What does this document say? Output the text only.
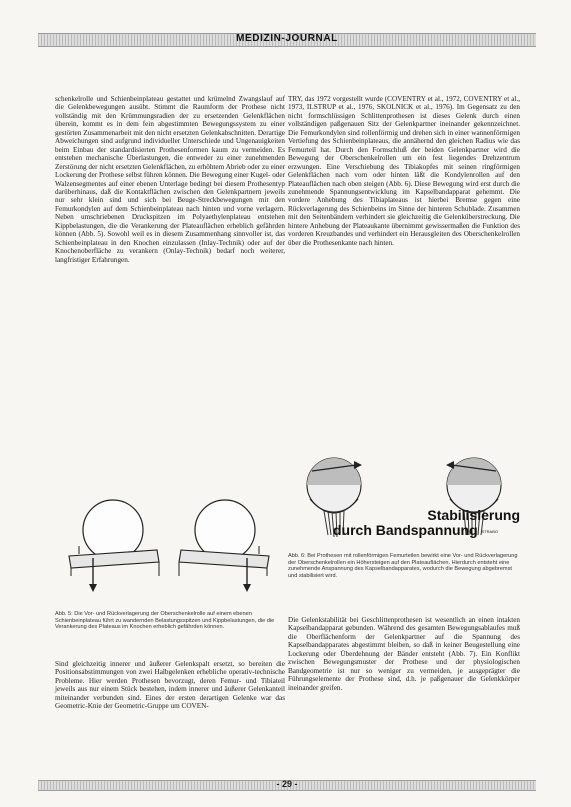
MEDIZIN-JOURNAL

schenkelrolle und Schienbeinplateau gestattet und krümelnd Zwangslauf auf die Gelenkbewegungen ausübt. Stimmt die Raumform der Prothese nicht vollständig mit den Krümmungsradien der zu ersetzenden Gelenkflächen überein, kommt es in dem fein abgestimmten Bewegungssystem zu einer gestörten Zusammenarbeit mit den nicht ersetzten Gelenkabschnitten. Derartige Abweichungen sind aufgrund individueller Unterschiede und Ungenauigkeiten beim Einbau der standardisierten Prothesenformen kaum zu vermeiden. Es entstehen mechanische Überlastungen, die entweder zu einer zunehmenden Zerstörung der nicht ersetzten Gelenkflächen, zu erhöhtem Abrieb oder zu einer Lockerung der Prothese selbst führen können. Die Bewegung einer Kugel- oder Walzensegmentes auf einer ebenen Unterlage bedingt bei diesem Prothesentyp darüberhinaus, daß die Kontaktflächen zwischen den Gelenkpartnern jeweils nur sehr klein sind und sich bei Beuge-Streckbewegungen mit den Femurkondylen auf dem Schienbeinplateau nach hinten und vorne verlagern. Neben umschriebenen Druckspitzen im Polyaethylenplateau entstehen Kippbelastungen, die die Verankerung der Plateauflächen erheblich gefährden können (Abb. 5). Sowohl weil es in diesem Zusammenhang sinnvoller ist, das Schienbeinplateau in den Knochen einzulassen (Inlay-Technik) oder auf der Knochenoberfläche zu verankern (Onlay-Technik) bedarf noch weiterer, langfristiger Erfahrungen.

Abb. 5: Die Vor- und Rückverlagerung der Oberschenkelrolle auf einem ebenen Schienbeinplateau führt zu wandernden Belastungsspitzen und Kippbelastungen, die die Verankerung des Plateaus im Knochen erheblich gefährden können.

Sind gleichzeitig innerer und äußerer Gelenkspalt ersetzt, so bereiten die Positionsabstimmungen von zwei Halbgelenken erhebliche operativ-technische Probleme. Hier werden Prothesen bevorzugt, deren Femur- und Tibiateil jeweils aus nur einem Stück bestehen, indem innerer und äußerer Gelenkanteil miteinander verbunden sind. Eines der ersten derartigen Gelenke war das Geometric-Knie der Geometric-Gruppe um COVEN-

TRY, das 1972 vorgestellt wurde (COVENTRY et al., 1972, COVENTRY et al., 1973, ILSTRUP et al., 1976, SKOLNICK et al., 1976). Im Gegensatz zu den nicht formschlüssigen Schlittenprothesen ist dieses Gelenk durch einen vollständigen paßgenauen Sitz der Gelenkpartner ineinander gekennzeichnet. Die Femurkondylen sind rollenförmig und drehen sich in einer wannenförmigen Vertiefung des Schienbeinplateaus, die annähernd den gleichen Radius wie das Femurteil hat. Durch den Formschluß der beiden Gelenkpartner wird die Bewegung der Oberschenkelrollen um ein fest liegendes Drehzentrum erzwungen. Eine Verschiebung des Tibiakopfes mit seinen ringförmigen Gelenkflächen nach vorn oder hinten läßt die Kondylenrollen auf den Plateauflächen nach oben steigen (Abb. 6). Diese Bewegung wird erst durch die zunehmende Spannungsentwicklung im Kapselbandapparat gehemmt. Die vordere Anhebung des Tibiaplateaus ist hierbei Bremse gegen eine Rückverlagerung des Schienbeins im Sinne der hinteren Schublade. Zusammen mit den Seitenbändern verhindert sie gleichzeitig die Gelenküberstreckung. Die hintere Anhebung der Plateaukante übernimmt gewissermaßen die Funktion des vorderen Kreuzbandes und verhindert ein Herausgleiten des Oberschenkelrollen über die Prothesenkante nach hinten.

Stabilisierung
durch Bandspannung STRABO
Abb. 6: Bei Prothesen mit rollenförmigen Femurteilen bewirkt eine Vor- und Rückverlagerung der Oberschenkelrollen ein Höhersteigen auf den Plateauflächen. Hierdurch entsteht eine zunehmende Anspannung des Kapselbandapparates, wodurch die Bewegung abgebremst und stabilisiert wird.

Die Gelenkstabilität bei Geschlittenprothesen ist wesentlich an einen intakten Kapselbandapparat gebunden. Während des gesamten Bewegungsablaufes muß die Oberflächenform der Gelenkpartner auf die Spannung des Kapselbandapparates abgestimmt bleiben, so daß in keiner Beugestellung eine Lockerung oder Überdehnung der Bänder entsteht (Abb. 7). Ein Konflikt zwischen Bewegungsmuster der Prothese und der physiologischen Bandgeometrie ist nur so weniger zu vermeiden, je ausgeprägter die Führungselemente der Prothese sind, d.h. je paßgenauer die Gelenkkörper ineinander greifen.

- 29 -
